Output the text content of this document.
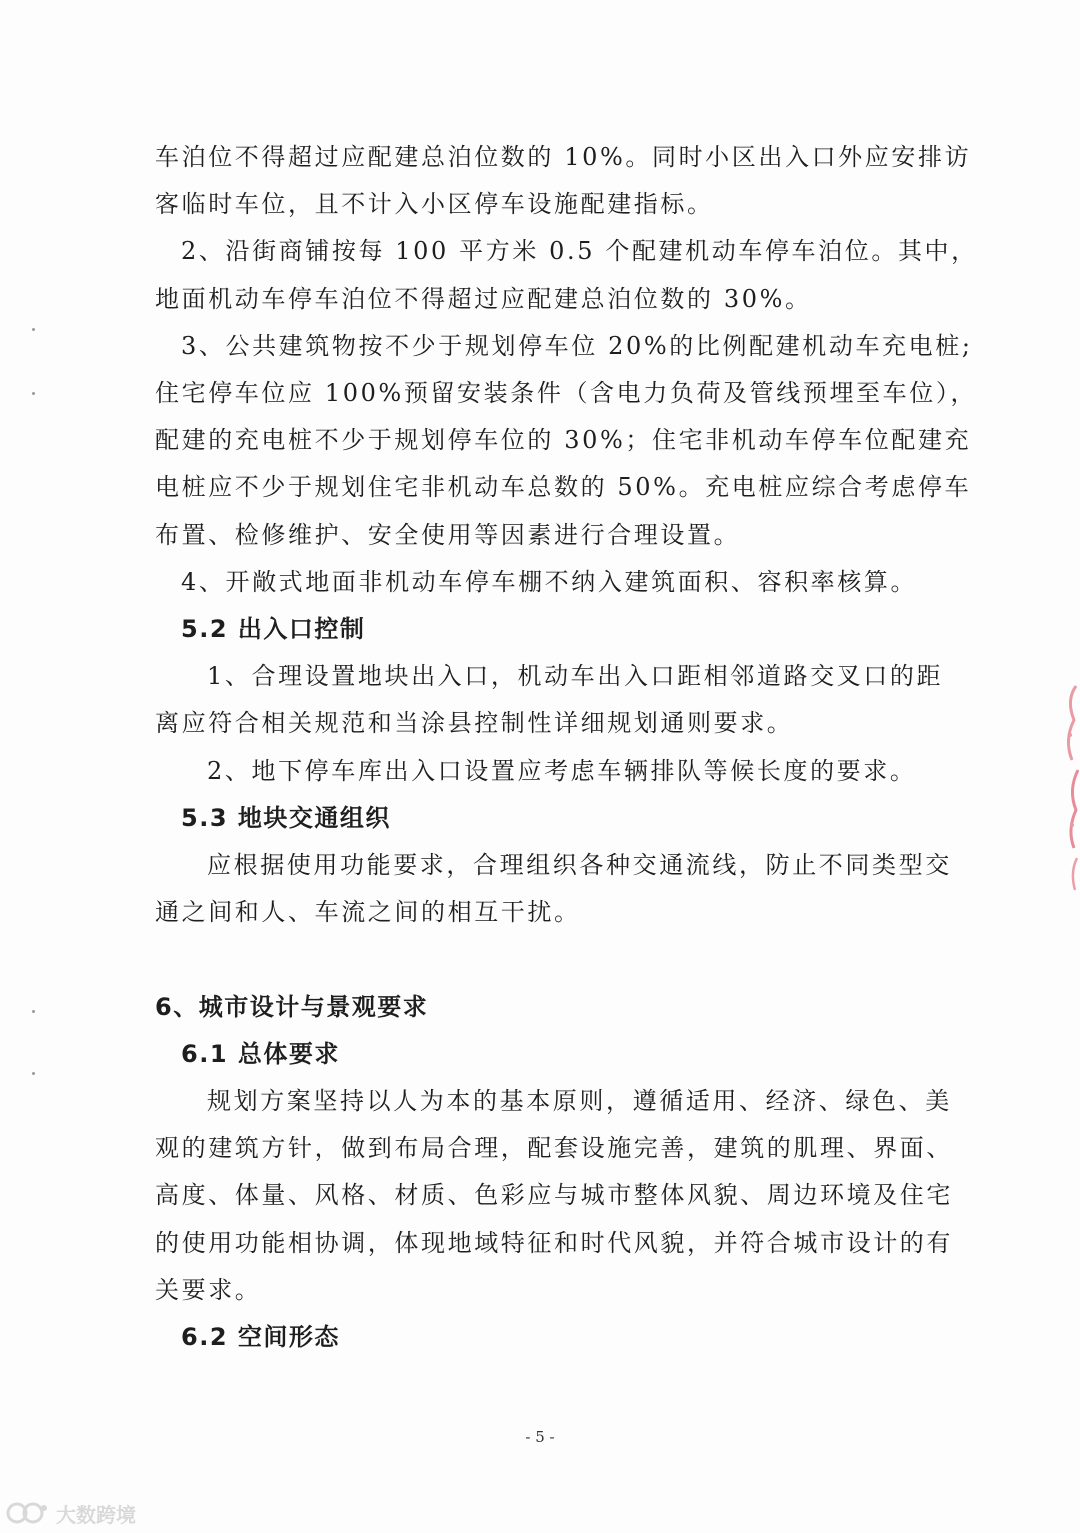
车泊位不得超过应配建总泊位数的 10%。同时小区出入口外应安排访
客临时车位，且不计入小区停车设施配建指标。
2、沿街商铺按每 100 平方米 0.5 个配建机动车停车泊位。其中，
地面机动车停车泊位不得超过应配建总泊位数的 30%。
3、公共建筑物按不少于规划停车位 20%的比例配建机动车充电桩;
住宅停车位应 100%预留安装条件（含电力负荷及管线预埋至车位），
配建的充电桩不少于规划停车位的 30%；住宅非机动车停车位配建充
电桩应不少于规划住宅非机动车总数的 50%。充电桩应综合考虑停车
布置、检修维护、安全使用等因素进行合理设置。
4、开敞式地面非机动车停车棚不纳入建筑面积、容积率核算。
5.2 出入口控制
1、合理设置地块出入口，机动车出入口距相邻道路交叉口的距
离应符合相关规范和当涂县控制性详细规划通则要求。
2、地下停车库出入口设置应考虑车辆排队等候长度的要求。
5.3 地块交通组织
应根据使用功能要求，合理组织各种交通流线，防止不同类型交
通之间和人、车流之间的相互干扰。
6、城市设计与景观要求
6.1 总体要求
规划方案坚持以人为本的基本原则，遵循适用、经济、绿色、美
观的建筑方针，做到布局合理，配套设施完善，建筑的肌理、界面、
高度、体量、风格、材质、色彩应与城市整体风貌、周边环境及住宅
的使用功能相协调，体现地域特征和时代风貌，并符合城市设计的有
关要求。
6.2 空间形态
- 5 -
大数跨境
